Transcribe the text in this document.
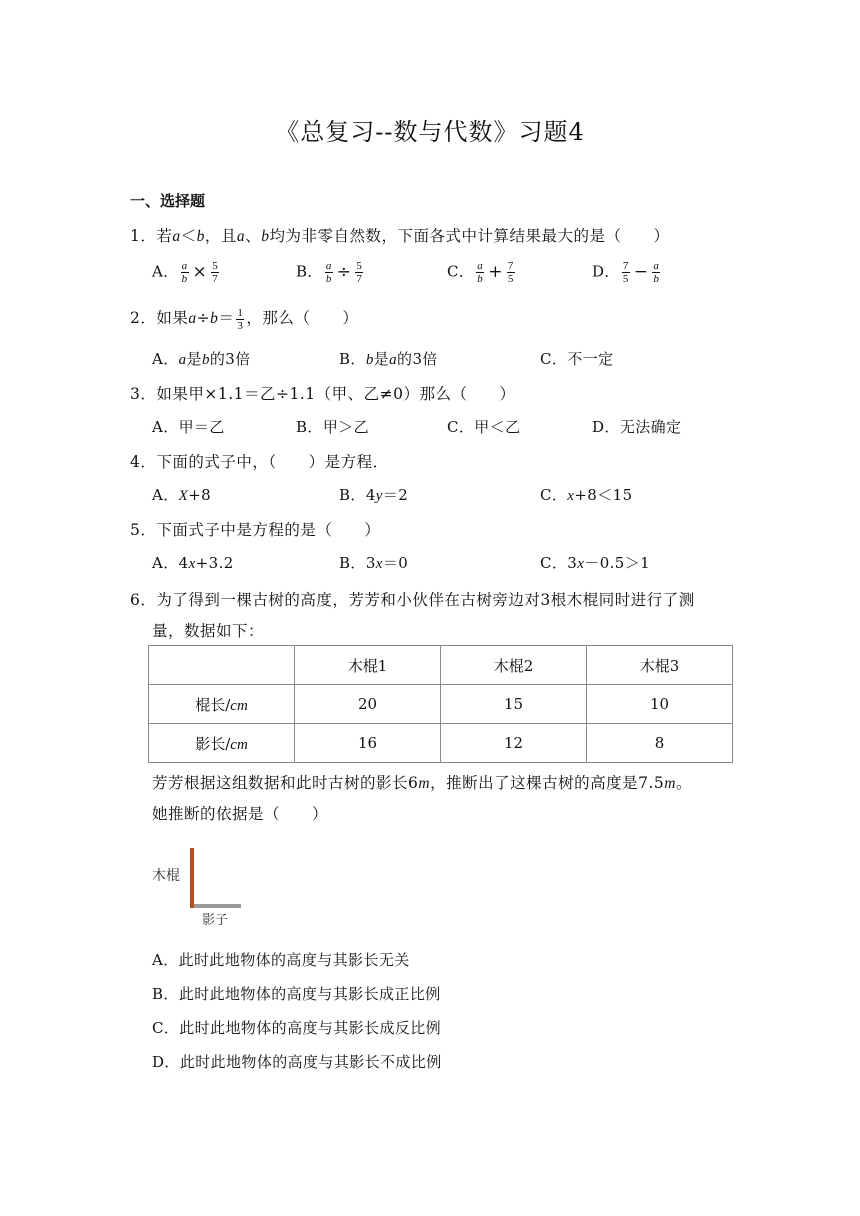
《总复习--数与代数》习题4
一、选择题
1．若a＜b，且a、b均为非零自然数，下面各式中计算结果最大的是（　　）
A． $\frac{a}{b} \times \frac{5}{7}$	B． $\frac{a}{b} \div \frac{5}{7}$	C． $\frac{a}{b} + \frac{7}{5}$	D． $\frac{7}{5} - \frac{a}{b}$
2．如果$a\div b= \frac{1}{3}$ ，那么（　　）
A．a是b的3倍	B．b是a的3倍	C．不一定
3．如果甲×1.1＝乙÷1.1（甲、乙≠0）那么（　　）
A．甲＝乙	B．甲＞乙	C．甲＜乙	D．无法确定
4．下面的式子中，（　　）是方程．
A．X+8	B．4y＝2	C．x+8＜15
5．下面式子中是方程的是（　　）
A．4x+3.2	B．3x＝0	C．3x－0.5＞1
6．为了得到一棵古树的高度，芳芳和小伙伴在古树旁边对3根木棍同时进行了测
量，数据如下：
	木棍1	木棍2	木棍3
棍长/cm	20	15	10
影长/cm	16	12	8
芳芳根据这组数据和此时古树的影长6m，推断出了这棵古树的高度是7.5m。
她推断的依据是（　　）
木棍
影子
A．此时此地物体的高度与其影长无关
B．此时此地物体的高度与其影长成正比例
C．此时此地物体的高度与其影长成反比例
D．此时此地物体的高度与其影长不成比例
